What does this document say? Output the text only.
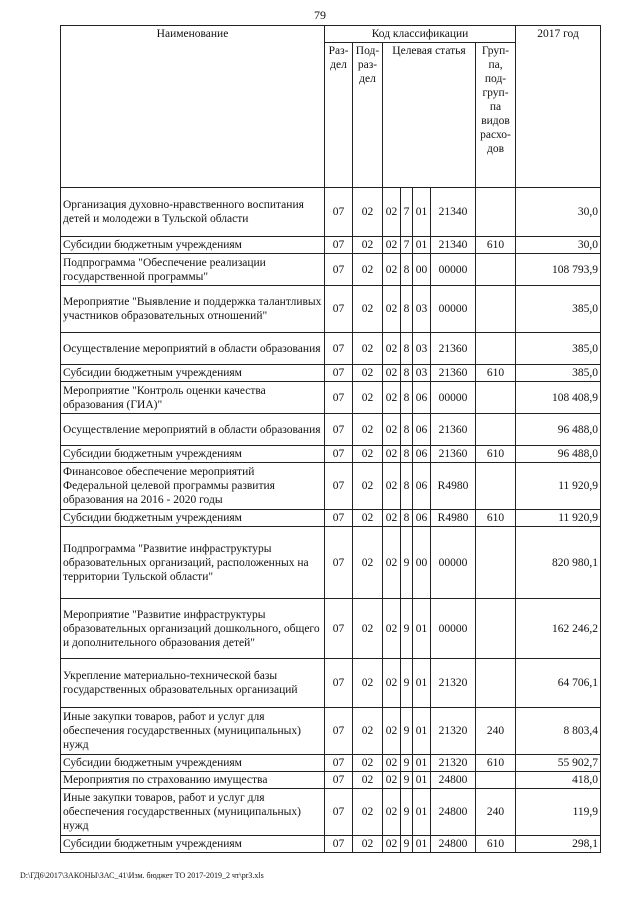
79
Наименование	Код классификации							2017 год
	Раз-дел	Под-раз-дел	Целевая статья				Груп-па, под-груп-па видов расхо-дов	
Организация духовно-нравственного воспитания детей и молодежи в Тульской области	07	02	02	7	01	21340		30,0
Субсидии бюджетным учреждениям	07	02	02	7	01	21340	610	30,0
Подпрограмма "Обеспечение реализации государственной программы"	07	02	02	8	00	00000		108 793,9
Мероприятие "Выявление и поддержка талантливых участников образовательных отношений"	07	02	02	8	03	00000		385,0
Осуществление мероприятий в области образования	07	02	02	8	03	21360		385,0
Субсидии бюджетным учреждениям	07	02	02	8	03	21360	610	385,0
Мероприятие "Контроль оценки качества образования (ГИА)"	07	02	02	8	06	00000		108 408,9
Осуществление мероприятий в области образования	07	02	02	8	06	21360		96 488,0
Субсидии бюджетным учреждениям	07	02	02	8	06	21360	610	96 488,0
Финансовое обеспечение мероприятий Федеральной целевой программы развития образования на 2016 - 2020 годы	07	02	02	8	06	R4980		11 920,9
Субсидии бюджетным учреждениям	07	02	02	8	06	R4980	610	11 920,9
Подпрограмма "Развитие инфраструктуры образовательных организаций, расположенных на территории Тульской области"	07	02	02	9	00	00000		820 980,1
Мероприятие "Развитие инфраструктуры образовательных организаций дошкольного, общего и дополнительного образования детей"	07	02	02	9	01	00000		162 246,2
Укрепление материально-технической базы государственных образовательных организаций	07	02	02	9	01	21320		64 706,1
Иные закупки товаров, работ и услуг для обеспечения государственных (муниципальных) нужд	07	02	02	9	01	21320	240	8 803,4
Субсидии бюджетным учреждениям	07	02	02	9	01	21320	610	55 902,7
Мероприятия по страхованию имущества	07	02	02	9	01	24800		418,0
Иные закупки товаров, работ и услуг для обеспечения государственных (муниципальных) нужд	07	02	02	9	01	24800	240	119,9
Субсидии бюджетным учреждениям	07	02	02	9	01	24800	610	298,1
D:\ГД6\2017\ЗАКОНЫ\ЗАС_41\Изм. бюджет ТО 2017-2019_2 чт\pr3.xls
